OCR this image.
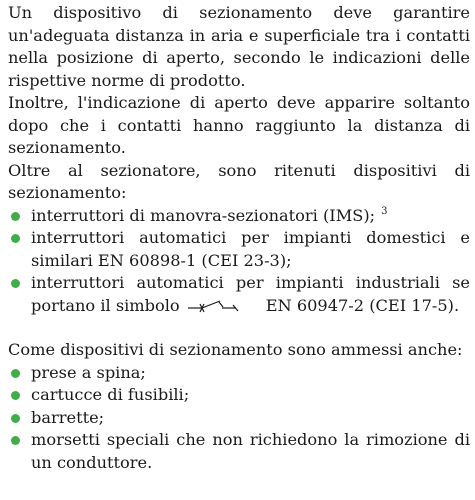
Un dispositivo di sezionamento deve garantire un'adeguata distanza in aria e superficiale tra i contatti nella posizione di aperto, secondo le indicazioni delle rispettive norme di prodotto.

Inoltre, l'indicazione di aperto deve apparire soltanto dopo che i contatti hanno raggiunto la distanza di sezionamento.

Oltre al sezionatore, sono ritenuti dispositivi di sezionamento:

interruttori di manovra-sezionatori (IMS); $^3$
interruttori automatici per impianti domestici e similari EN 60898-1 (CEI 23-3);
interruttori automatici per impianti industriali se portano il simbolo	EN 60947-2 (CEI 17-5).

Come dispositivi di sezionamento sono ammessi anche:

prese a spina;
cartucce di fusibili;
barrette;
morsetti speciali che non richiedono la rimozione di un conduttore.
